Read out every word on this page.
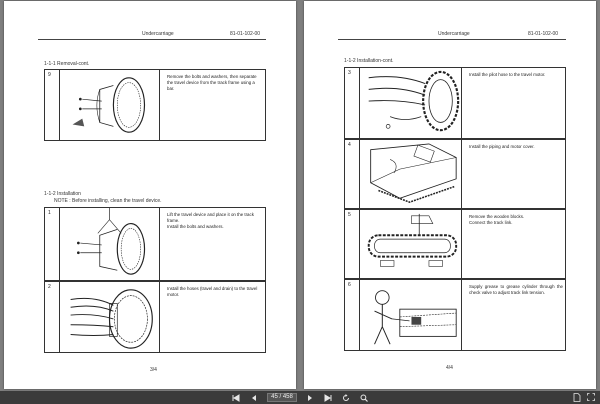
Undercarriage	81-01-102-00
1-1-1 Removal-cont.
9	Remove the bolts and washers, then separate the travel device from the track frame using a bar.
1-1-2 Installation
NOTE : Before installing, clean the travel device.
1	Lift the travel device and place it on the track frame.
Install the bolts and washers.
2	Install the hoses (travel and drain) to the travel motor.
3/4
Undercarriage	81-01-102-00
1-1-2 Installation-cont.
3	Install the pilot hose to the travel motor.
4	Install the piping and motor cover.
5	Remove the wooden blocks.
Connect the track link.
6	Supply grease to grease cylinder through the check valve to adjust track link tension.
4/4
45 / 458
